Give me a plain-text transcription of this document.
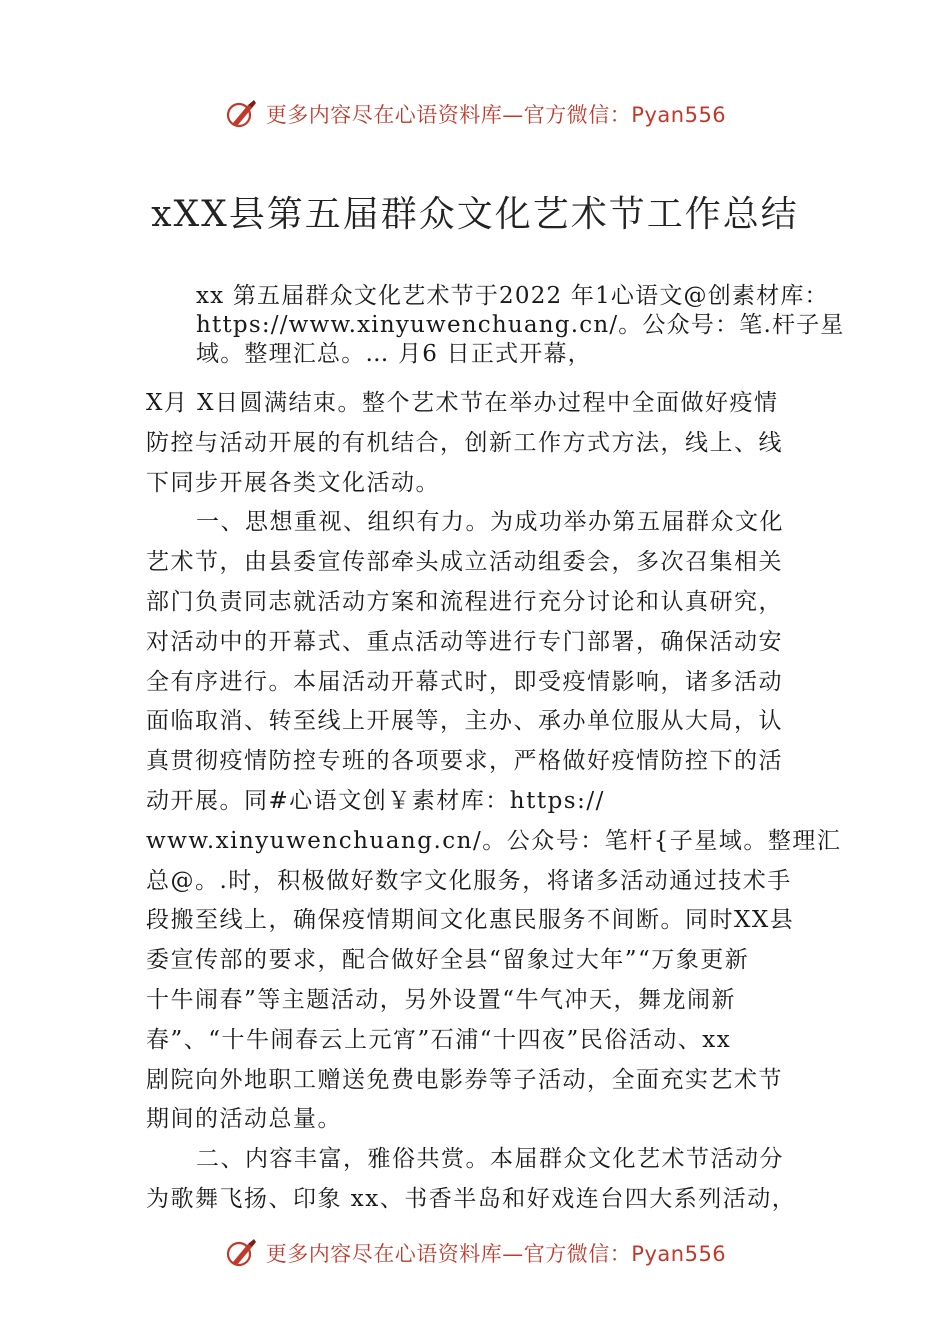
更多内容尽在心语资料库—官方微信：Pyan556
xXX县第五届群众文化艺术节工作总结
xx 第五届群众文化艺术节于2022 年1心语文@创素材库：
https://www.xinyuwenchuang.cn/。公众号：笔.杆子星
域。整理汇总。… 月6 日正式开幕，
X月 X日圆满结束。整个艺术节在举办过程中全面做好疫情
防控与活动开展的有机结合，创新工作方式方法，线上、线
下同步开展各类文化活动。
一、思想重视、组织有力。为成功举办第五届群众文化
艺术节，由县委宣传部牵头成立活动组委会，多次召集相关
部门负责同志就活动方案和流程进行充分讨论和认真研究，
对活动中的开幕式、重点活动等进行专门部署，确保活动安
全有序进行。本届活动开幕式时，即受疫情影响，诸多活动
面临取消、转至线上开展等，主办、承办单位服从大局，认
真贯彻疫情防控专班的各项要求，严格做好疫情防控下的活
动开展。同#心语文创￥素材库：https://
www.xinyuwenchuang.cn/。公众号：笔杆{子星域。整理汇
总@。.时，积极做好数字文化服务，将诸多活动通过技术手
段搬至线上，确保疫情期间文化惠民服务不间断。同时XX县
委宣传部的要求，配合做好全县“留象过大年”“万象更新
十牛闹春”等主题活动，另外设置“牛气冲天，舞龙闹新
春”、“十牛闹春云上元宵”石浦“十四夜”民俗活动、xx
剧院向外地职工赠送免费电影券等子活动，全面充实艺术节
期间的活动总量。
二、内容丰富，雅俗共赏。本届群众文化艺术节活动分
为歌舞飞扬、印象 xx、书香半岛和好戏连台四大系列活动，
更多内容尽在心语资料库—官方微信：Pyan556
